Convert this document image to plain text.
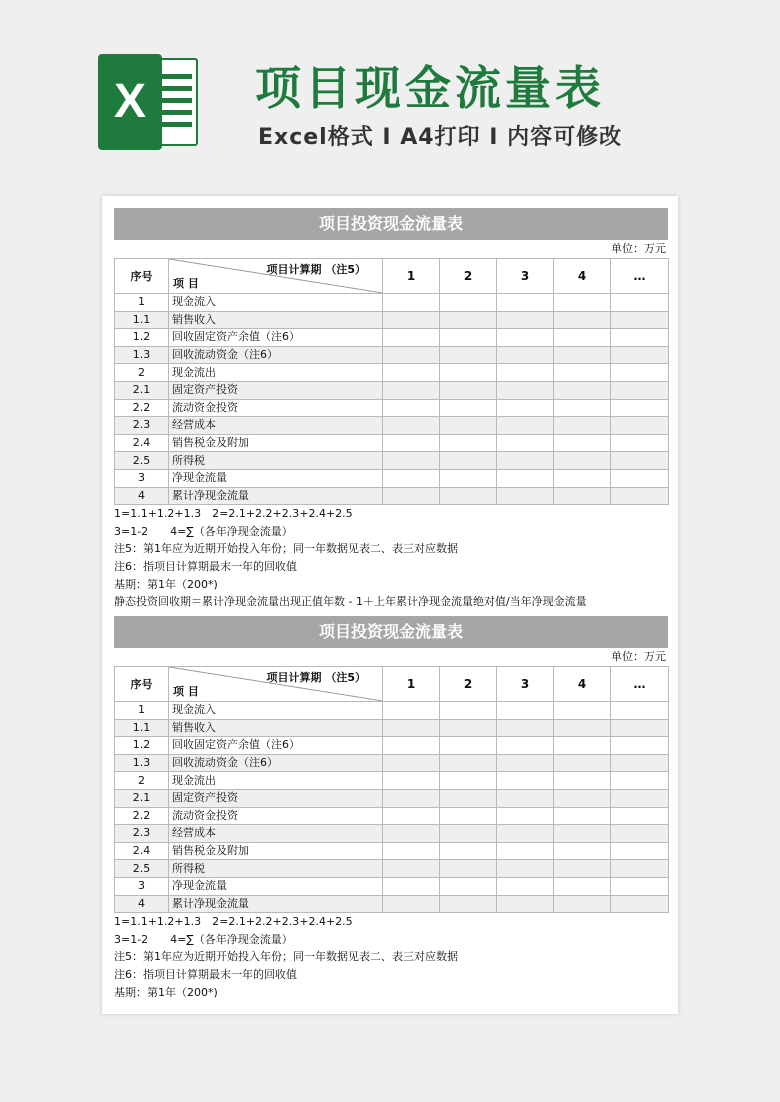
X	项目现金流量表
Excel格式 I A4打印 I 内容可修改
项目投资现金流量表
单位：万元
序号	项目计算期 （注5）
项 目	1	2	3	4	…
1	现金流入					
1.1	销售收入					
1.2	回收固定资产余值（注6）					
1.3	回收流动资金（注6）					
2	现金流出					
2.1	固定资产投资					
2.2	流动资金投资					
2.3	经营成本					
2.4	销售税金及附加					
2.5	所得税					
3	净现金流量					
4	累计净现金流量					
1=1.1+1.2+1.3　2=2.1+2.2+2.3+2.4+2.5
3=1-2　　4=∑（各年净现金流量）
注5：第1年应为近期开始投入年份；同一年数据见表二、表三对应数据
注6：指项目计算期最末一年的回收值
基期：第1年（200*)
静态投资回收期＝累计净现金流量出现正值年数 - 1＋上年累计净现金流量绝对值/当年净现金流量
项目投资现金流量表
单位：万元
序号	项目计算期 （注5）
项 目	1	2	3	4	…
1	现金流入					
1.1	销售收入					
1.2	回收固定资产余值（注6）					
1.3	回收流动资金（注6）					
2	现金流出					
2.1	固定资产投资					
2.2	流动资金投资					
2.3	经营成本					
2.4	销售税金及附加					
2.5	所得税					
3	净现金流量					
4	累计净现金流量					
1=1.1+1.2+1.3　2=2.1+2.2+2.3+2.4+2.5
3=1-2　　4=∑（各年净现金流量）
注5：第1年应为近期开始投入年份；同一年数据见表二、表三对应数据
注6：指项目计算期最末一年的回收值
基期：第1年（200*)
